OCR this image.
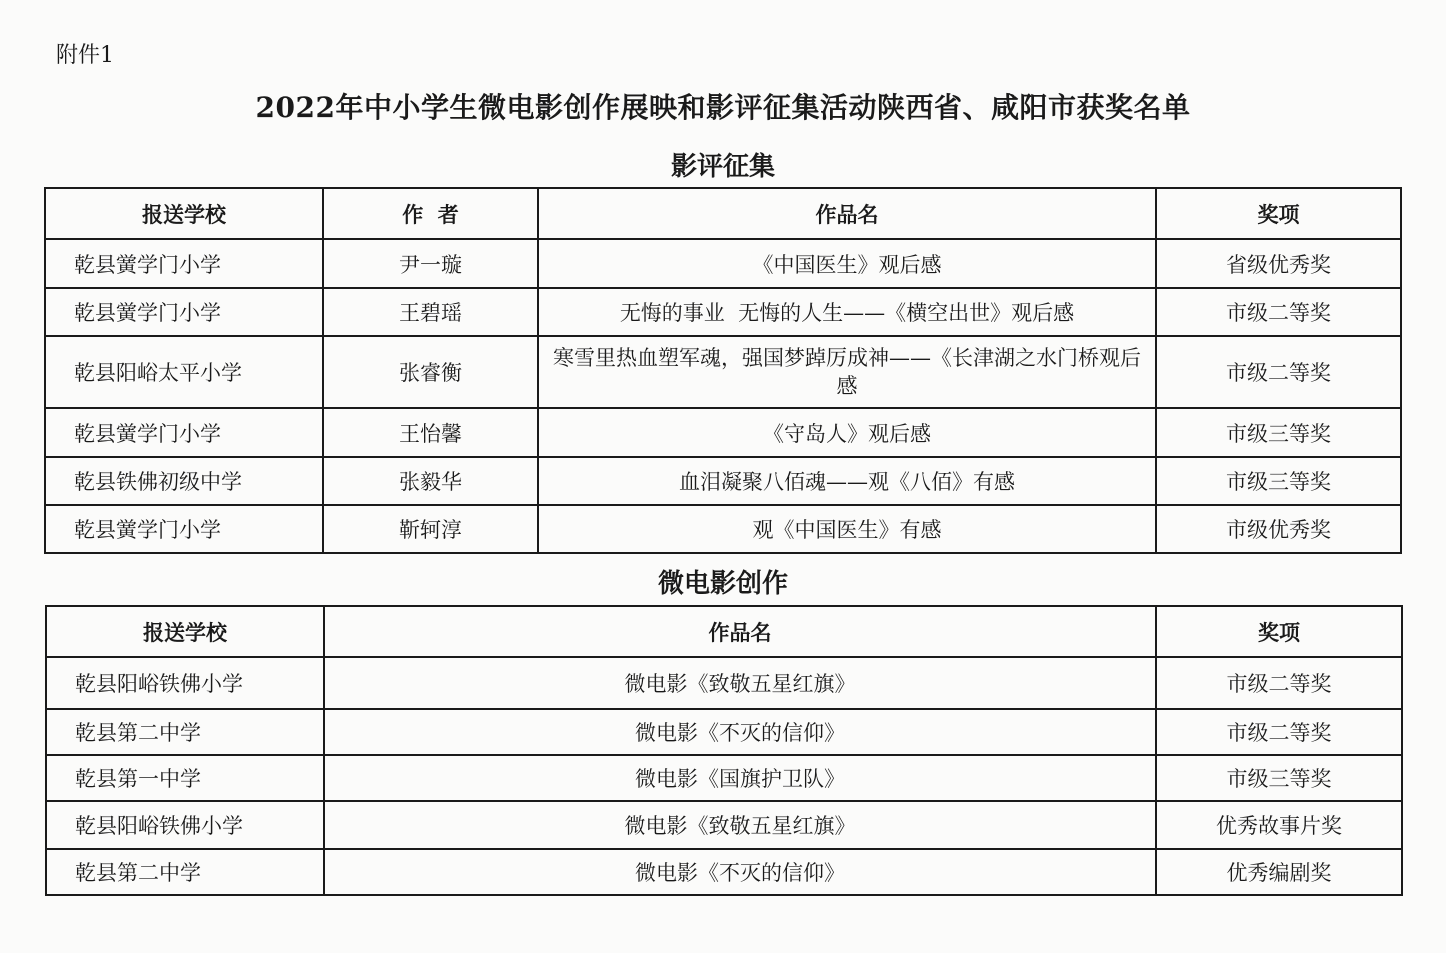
附件1
2022年中小学生微电影创作展映和影评征集活动陕西省、咸阳市获奖名单
影评征集
报送学校	作  者	作品名	奖项
乾县黉学门小学	尹一璇	《中国医生》观后感	省级优秀奖
乾县黉学门小学	王碧瑶	无悔的事业  无悔的人生——《横空出世》观后感	市级二等奖
乾县阳峪太平小学	张睿衡	寒雪里热血塑军魂，强国梦踔厉成神——《长津湖之水门桥观后感	市级二等奖
乾县黉学门小学	王怡馨	《守岛人》观后感	市级三等奖
乾县铁佛初级中学	张毅华	血泪凝聚八佰魂——观《八佰》有感	市级三等奖
乾县黉学门小学	靳轲淳	观《中国医生》有感	市级优秀奖
微电影创作
报送学校	作品名	奖项
乾县阳峪铁佛小学	微电影《致敬五星红旗》	市级二等奖
乾县第二中学	微电影《不灭的信仰》	市级二等奖
乾县第一中学	微电影《国旗护卫队》	市级三等奖
乾县阳峪铁佛小学	微电影《致敬五星红旗》	优秀故事片奖
乾县第二中学	微电影《不灭的信仰》	优秀编剧奖
